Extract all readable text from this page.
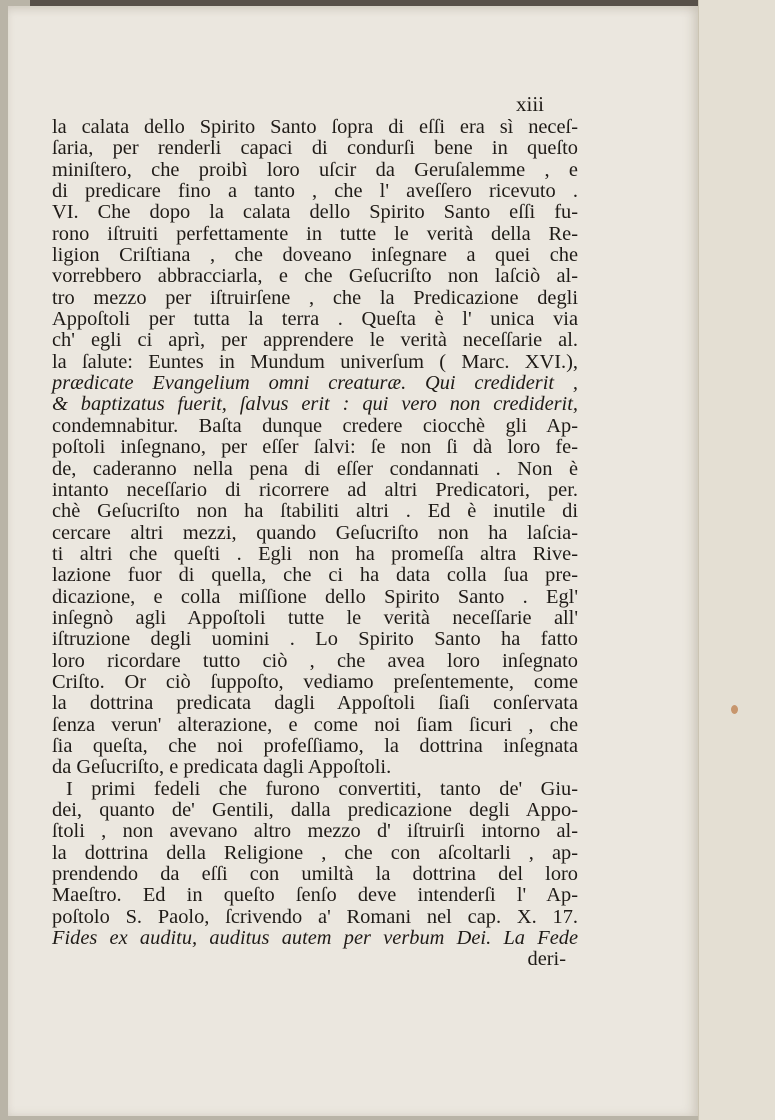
xiii
la calata dello Spirito Santo ſopra di eſſi era sì neceſ-
ſaria, per renderli capaci di condurſi bene in queſto
miniſtero, che proibì loro uſcir da Geruſalemme , e
di predicare fino a tanto , che l' aveſſero ricevuto .
VI. Che dopo la calata dello Spirito Santo eſſi fu-
rono iſtruiti perfettamente in tutte le verità della Re-
ligion Criſtiana , che doveano inſegnare a quei che
vorrebbero abbracciarla, e che Geſucriſto non laſciò al-
tro mezzo per iſtruirſene , che la Predicazione degli
Appoſtoli per tutta la terra . Queſta è l' unica via
ch' egli ci aprì, per apprendere le verità neceſſarie al.
la ſalute: Euntes in Mundum univerſum ( Marc. XVI.),
prædicate Evangelium omni creaturæ. Qui crediderit ,
& baptizatus fuerit, ſalvus erit : qui vero non crediderit,
condemnabitur. Baſta dunque credere ciocchè gli Ap-
poſtoli inſegnano, per eſſer ſalvi: ſe non ſi dà loro fe-
de, caderanno nella pena di eſſer condannati . Non è
intanto neceſſario di ricorrere ad altri Predicatori, per.
chè Geſucriſto non ha ſtabiliti altri . Ed è inutile di
cercare altri mezzi, quando Geſucriſto non ha laſcia-
ti altri che queſti . Egli non ha promeſſa altra Rive-
lazione fuor di quella, che ci ha data colla ſua pre-
dicazione, e colla miſſione dello Spirito Santo . Egl'
inſegnò agli Appoſtoli tutte le verità neceſſarie all'
iſtruzione degli uomini . Lo Spirito Santo ha fatto
loro ricordare tutto ciò , che avea loro inſegnato
Criſto. Or ciò ſuppoſto, vediamo preſentemente, come
la dottrina predicata dagli Appoſtoli ſiaſi conſervata
ſenza verun' alterazione, e come noi ſiam ſicuri , che
ſia queſta, che noi profeſſiamo, la dottrina inſegnata
da Geſucriſto, e predicata dagli Appoſtoli.
I primi fedeli che furono convertiti, tanto de' Giu-
dei, quanto de' Gentili, dalla predicazione degli Appo-
ſtoli , non avevano altro mezzo d' iſtruirſi intorno al-
la dottrina della Religione , che con aſcoltarli , ap-
prendendo da eſſi con umiltà la dottrina del loro
Maeſtro. Ed in queſto ſenſo deve intenderſi l' Ap-
poſtolo S. Paolo, ſcrivendo a' Romani nel cap. X. 17.
Fides ex auditu, auditus autem per verbum Dei. La Fede
deri-
